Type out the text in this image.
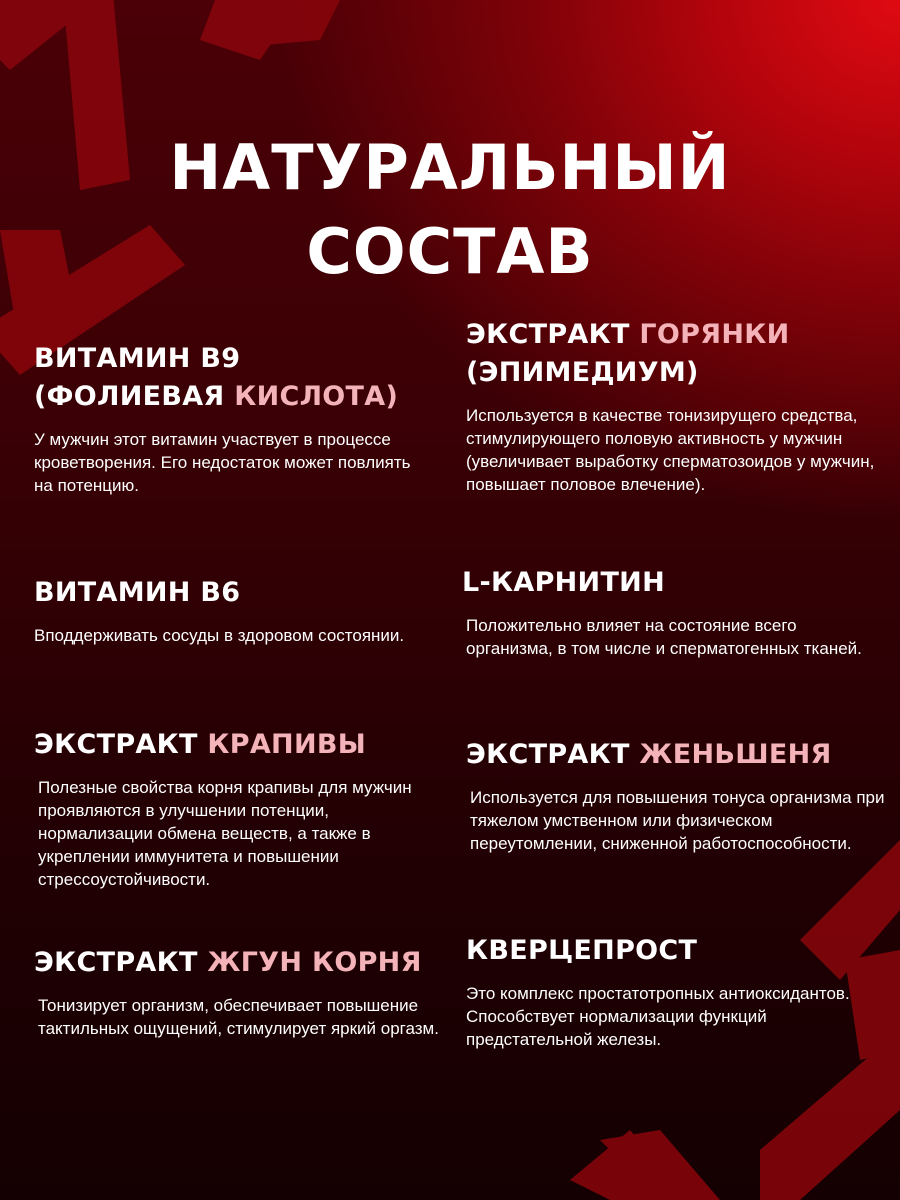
НАТУРАЛЬНЫЙ
СОСТАВ
ВИТАМИН В9
(ФОЛИЕВАЯ КИСЛОТА)

У мужчин этот витамин участвует в процессе кроветворения. Его недостаток может повлиять на потенцию.

ВИТАМИН В6

Вподдерживать сосуды в здоровом состоянии.

ЭКСТРАКТ КРАПИВЫ

Полезные свойства корня крапивы для мужчин проявляются в улучшении потенции, нормализации обмена веществ, а также в укреплении иммунитета и повышении стрессоустойчивости.

ЭКСТРАКТ ЖГУН КОРНЯ

Тонизирует организм, обеспечивает повышение тактильных ощущений, стимулирует яркий оргазм.

ЭКСТРАКТ ГОРЯНКИ
(ЭПИМЕДИУМ)

Используется в качестве тонизирущего средства, стимулирующего половую активность у мужчин (увеличивает выработку сперматозоидов у мужчин, повышает половое влечение).

L-КАРНИТИН

Положительно влияет на состояние всего организма, в том числе и сперматогенных тканей.

ЭКСТРАКТ ЖЕНЬШЕНЯ

Используется для повышения тонуса организма при тяжелом умственном или физическом переутомлении, сниженной работоспособности.

КВЕРЦЕПРОСТ

Это комплекс простатотропных антиоксидантов. Способствует нормализации функций предстательной железы.
